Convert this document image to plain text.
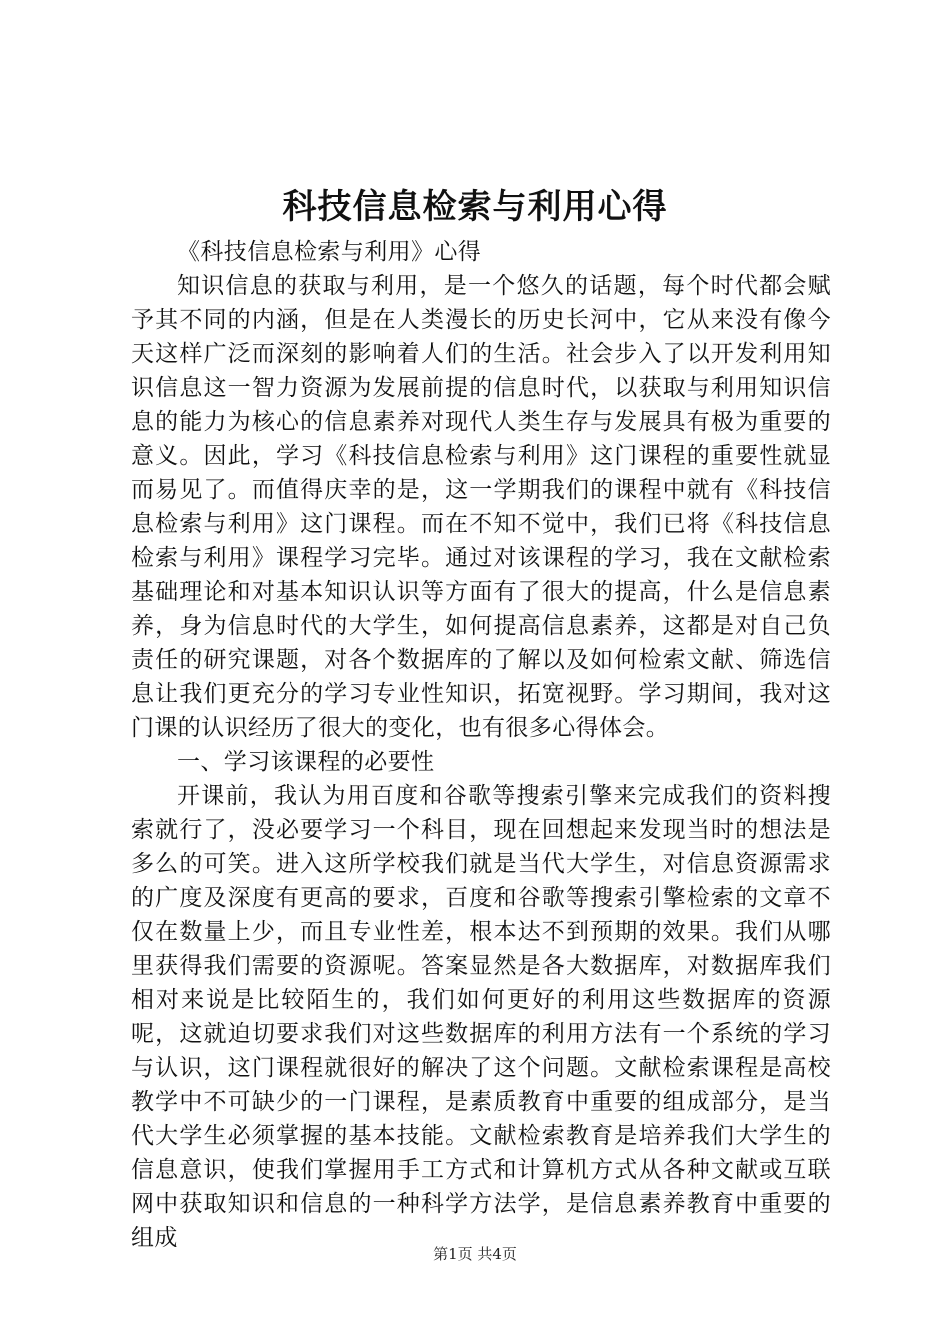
科技信息检索与利用心得

《科技信息检索与利用》心得

知识信息的获取与利用，是一个悠久的话题，每个时代都会赋予其不同的内涵，但是在人类漫长的历史长河中，它从来没有像今天这样广泛而深刻的影响着人们的生活。社会步入了以开发利用知识信息这一智力资源为发展前提的信息时代，以获取与利用知识信息的能力为核心的信息素养对现代人类生存与发展具有极为重要的意义。因此，学习《科技信息检索与利用》这门课程的重要性就显而易见了。而值得庆幸的是，这一学期我们的课程中就有《科技信息检索与利用》这门课程。而在不知不觉中，我们已将《科技信息检索与利用》课程学习完毕。通过对该课程的学习，我在文献检索基础理论和对基本知识认识等方面有了很大的提高，什么是信息素养，身为信息时代的大学生，如何提高信息素养，这都是对自己负责任的研究课题，对各个数据库的了解以及如何检索文献、筛选信息让我们更充分的学习专业性知识，拓宽视野。学习期间，我对这门课的认识经历了很大的变化，也有很多心得体会。

一、学习该课程的必要性

开课前，我认为用百度和谷歌等搜索引擎来完成我们的资料搜索就行了，没必要学习一个科目，现在回想起来发现当时的想法是多么的可笑。进入这所学校我们就是当代大学生，对信息资源需求的广度及深度有更高的要求，百度和谷歌等搜索引擎检索的文章不仅在数量上少，而且专业性差，根本达不到预期的效果。我们从哪里获得我们需要的资源呢。答案显然是各大数据库，对数据库我们相对来说是比较陌生的，我们如何更好的利用这些数据库的资源呢，这就迫切要求我们对这些数据库的利用方法有一个系统的学习与认识，这门课程就很好的解决了这个问题。文献检索课程是高校教学中不可缺少的一门课程，是素质教育中重要的组成部分，是当代大学生必须掌握的基本技能。文献检索教育是培养我们大学生的信息意识，使我们掌握用手工方式和计算机方式从各种文献或互联网中获取知识和信息的一种科学方法学，是信息素养教育中重要的组成

第1页 共4页
